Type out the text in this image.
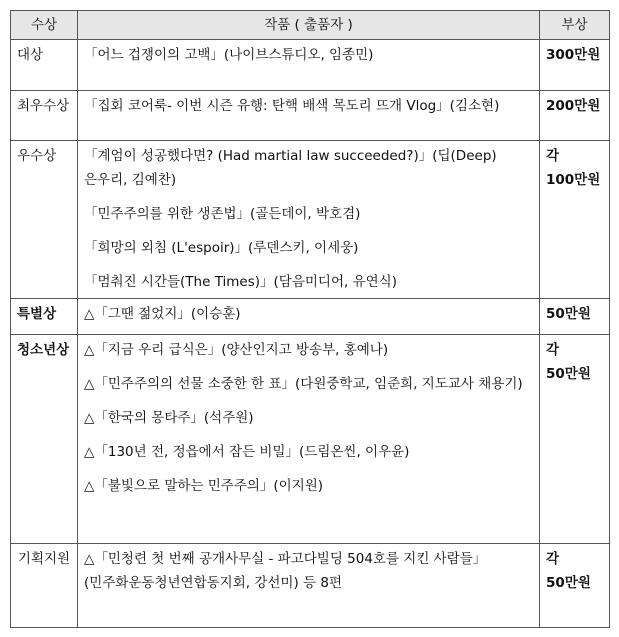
수상	작품 ( 출품자 )	부상
대상	「어느 겁쟁이의 고백」(나이브스튜디오, 임종민)	300만원
최우수상	「집회 코어룩- 이번 시즌 유행: 탄핵 배색 목도리 뜨개 Vlog」(김소현)	200만원
우수상	「계엄이 성공했다면? (Had martial law succeeded?)」(딥(Deep)은우리, 김예찬)
「민주주의를 위한 생존법」(골든데이, 박호겸)
「희망의 외침 (L'espoir)」(루덴스키, 이세웅)
「멈춰진 시간들(The Times)」(담음미디어, 유연식)	각 100만원
특별상	△「그땐 젊었지」(이승훈)	50만원
청소년상	△「지금 우리 급식은」(양산인지고 방송부, 홍예나)
△「민주주의의 선물 소중한 한 표」(다원중학교, 임준희, 지도교사 채용기)
△「한국의 몽타주」(석주원)
△「130년 전, 정읍에서 잠든 비밀」(드림온씬, 이우윤)
△「불빛으로 말하는 민주주의」(이지원)	각 50만원
기획지원	△「민청련 첫 번째 공개사무실 - 파고다빌딩 504호를 지킨 사람들」(민주화운동청년연합동지회, 강선미) 등 8편	각 50만원
